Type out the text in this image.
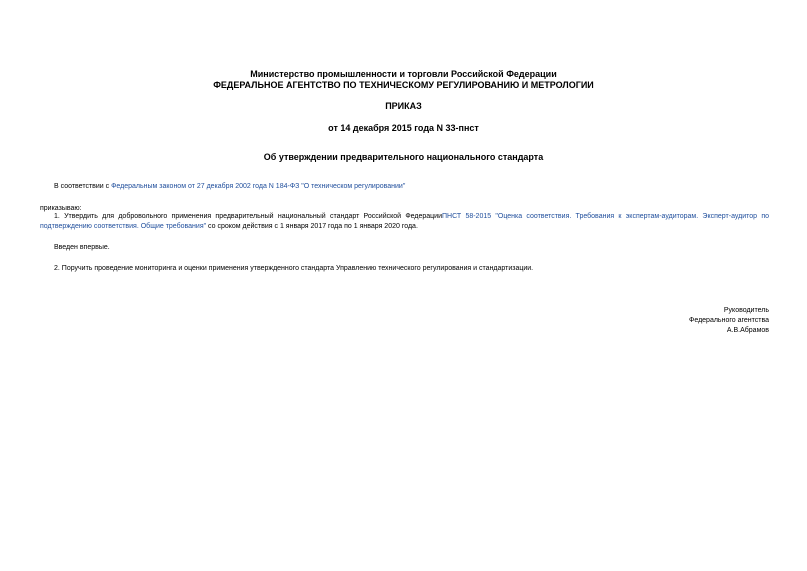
Министерство промышленности и торговли Российской Федерации
ФЕДЕРАЛЬНОЕ АГЕНТСТВО ПО ТЕХНИЧЕСКОМУ РЕГУЛИРОВАНИЮ И МЕТРОЛОГИИ
ПРИКАЗ
от 14 декабря 2015 года N 33-пнст
Об утверждении предварительного национального стандарта
В соответствии с Федеральным законом от 27 декабря 2002 года N 184-ФЗ "О техническом регулировании"
приказываю:
1. Утвердить для добровольного применения предварительный национальный стандарт Российской ФедерацииПНСТ 58-2015 "Оценка соответствия. Требования к экспертам-аудиторам. Эксперт-аудитор по подтверждению соответствия. Общие требования" со сроком действия с 1 января 2017 года по 1 января 2020 года.
Введен впервые.
2. Поручить проведение мониторинга и оценки применения утвержденного стандарта Управлению технического регулирования и стандартизации.
Руководитель
Федерального агентства
А.В.Абрамов
